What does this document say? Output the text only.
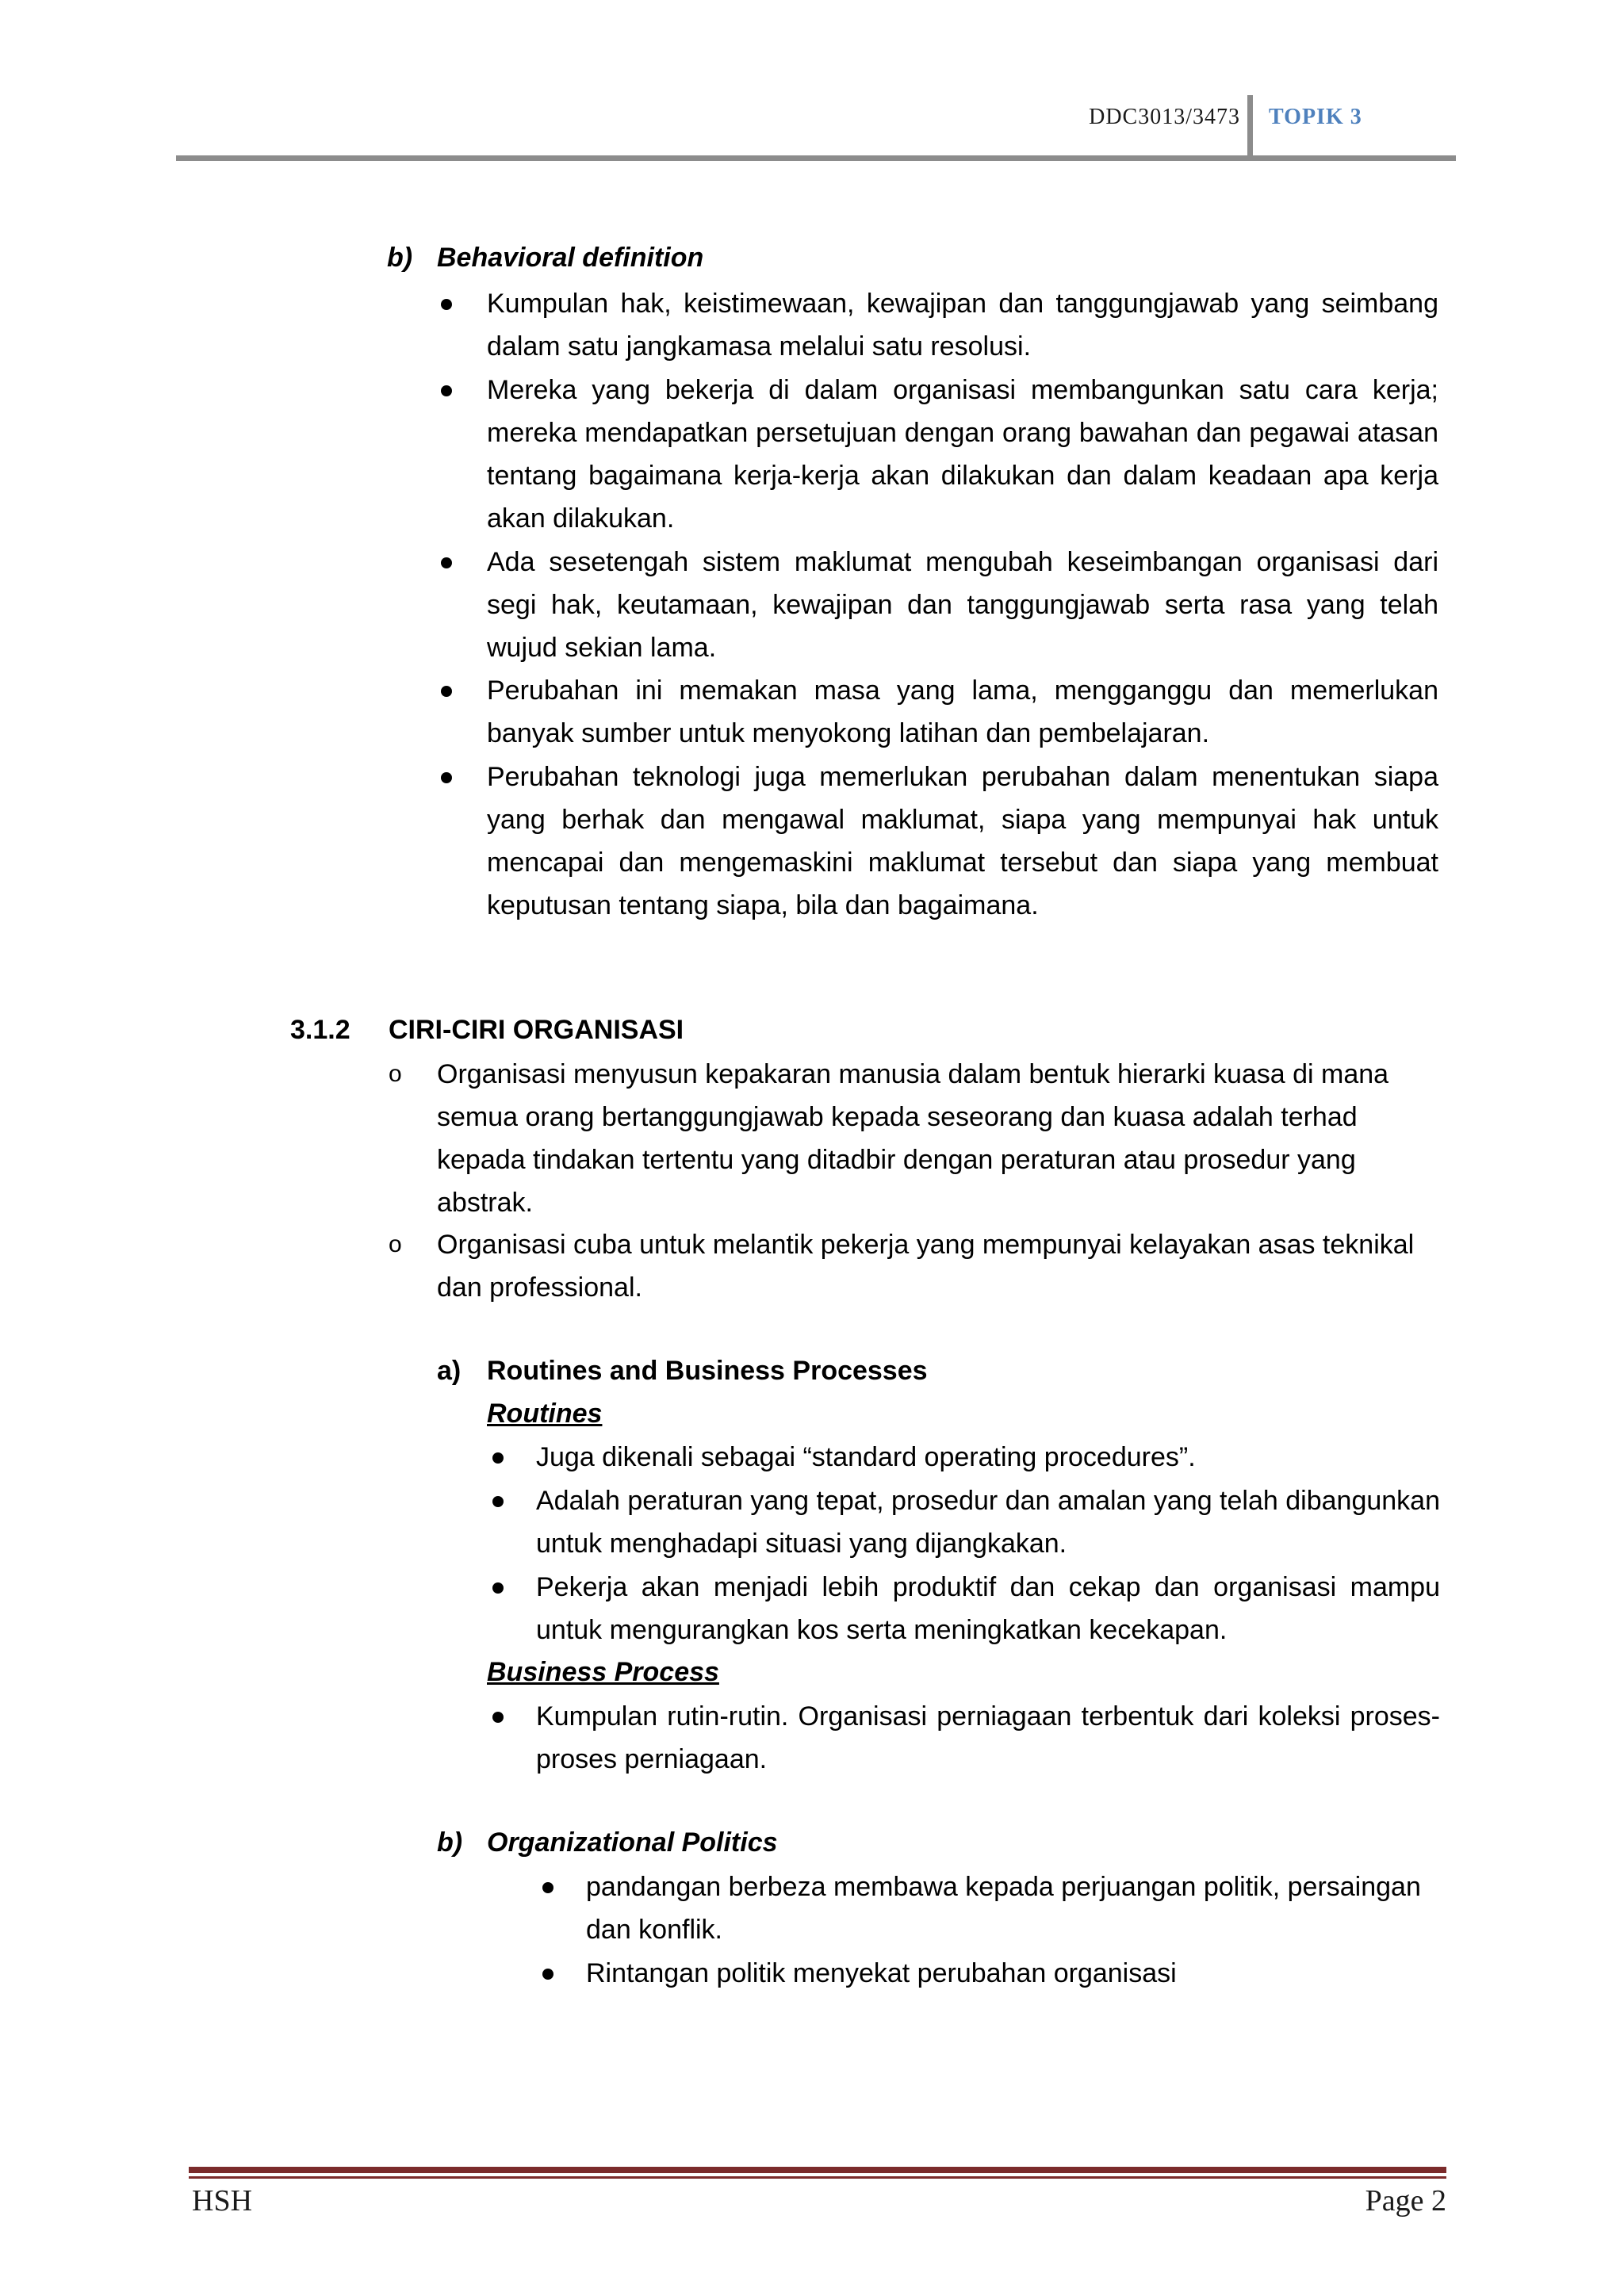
DDC3013/3473 TOPIK 3
b) Behavioral definition
Kumpulan hak, keistimewaan, kewajipan dan tanggungjawab yang seimbang dalam satu jangkamasa melalui satu resolusi.
Mereka yang bekerja di dalam organisasi membangunkan satu cara kerja; mereka mendapatkan persetujuan dengan orang bawahan dan pegawai atasan tentang bagaimana kerja-kerja akan dilakukan dan dalam keadaan apa kerja akan dilakukan.
Ada sesetengah sistem maklumat mengubah keseimbangan organisasi dari segi hak, keutamaan, kewajipan dan tanggungjawab serta rasa yang telah wujud sekian lama.
Perubahan ini memakan masa yang lama, mengganggu dan memerlukan banyak sumber untuk menyokong latihan dan pembelajaran.
Perubahan teknologi juga memerlukan perubahan dalam menentukan siapa yang berhak dan mengawal maklumat, siapa yang mempunyai hak untuk mencapai dan mengemaskini maklumat tersebut dan siapa yang membuat keputusan tentang siapa, bila dan bagaimana.
3.1.2 CIRI-CIRI ORGANISASI
o Organisasi menyusun kepakaran manusia dalam bentuk hierarki kuasa di mana semua orang bertanggungjawab kepada seseorang dan kuasa adalah terhad kepada tindakan tertentu yang ditadbir dengan peraturan atau prosedur yang abstrak.
o Organisasi cuba untuk melantik pekerja yang mempunyai kelayakan asas teknikal dan professional.
a) Routines and Business Processes
Routines
Juga dikenali sebagai “standard operating procedures”.
Adalah peraturan yang tepat, prosedur dan amalan yang telah dibangunkan untuk menghadapi situasi yang dijangkakan.
Pekerja akan menjadi lebih produktif dan cekap dan organisasi mampu untuk mengurangkan kos serta meningkatkan kecekapan.
Business Process
Kumpulan rutin-rutin. Organisasi perniagaan terbentuk dari koleksi proses-proses perniagaan.
b) Organizational Politics
pandangan berbeza membawa kepada perjuangan politik, persaingan dan konflik.
Rintangan politik menyekat perubahan organisasi
HSH	Page 2
